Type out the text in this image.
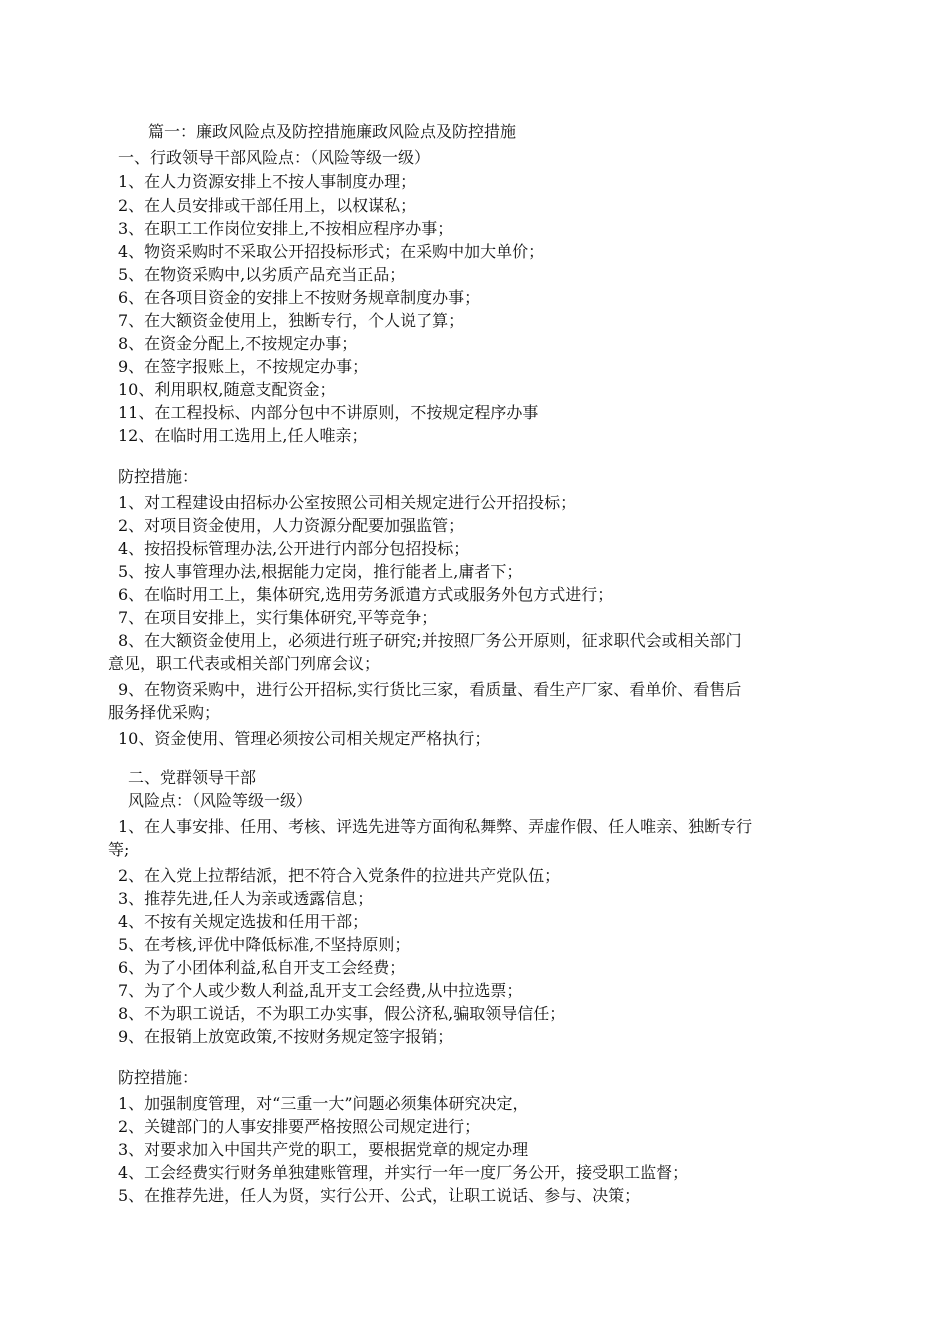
篇一：廉政风险点及防控措施廉政风险点及防控措施
一、行政领导干部风险点：（风险等级一级）
1、在人力资源安排上不按人事制度办理；
2、在人员安排或干部任用上，以权谋私；
3、在职工工作岗位安排上,不按相应程序办事；
4、物资采购时不采取公开招投标形式；在采购中加大单价；
5、在物资采购中,以劣质产品充当正品；
6、在各项目资金的安排上不按财务规章制度办事；
7、在大额资金使用上，独断专行，个人说了算；
8、在资金分配上,不按规定办事；
9、在签字报账上，不按规定办事；
10、利用职权,随意支配资金；
11、在工程投标、内部分包中不讲原则，不按规定程序办事
12、在临时用工选用上,任人唯亲；
防控措施：
1、对工程建设由招标办公室按照公司相关规定进行公开招投标；
2、对项目资金使用，人力资源分配要加强监管；
4、按招投标管理办法,公开进行内部分包招投标；
5、按人事管理办法,根据能力定岗，推行能者上,庸者下；
6、在临时用工上，集体研究,选用劳务派遣方式或服务外包方式进行；
7、在项目安排上，实行集体研究,平等竞争；
8、在大额资金使用上，必须进行班子研究;并按照厂务公开原则，征求职代会或相关部门
意见，职工代表或相关部门列席会议；
9、在物资采购中，进行公开招标,实行货比三家，看质量、看生产厂家、看单价、看售后
服务择优采购；
10、资金使用、管理必须按公司相关规定严格执行；
二、党群领导干部
风险点：（风险等级一级）
1、在人事安排、任用、考核、评选先进等方面徇私舞弊、弄虚作假、任人唯亲、独断专行
等;
2、在入党上拉帮结派，把不符合入党条件的拉进共产党队伍；
3、推荐先进,任人为亲或透露信息；
4、不按有关规定选拔和任用干部；
5、在考核,评优中降低标准,不坚持原则；
6、为了小团体利益,私自开支工会经费；
7、为了个人或少数人利益,乱开支工会经费,从中拉选票；
8、不为职工说话，不为职工办实事，假公济私,骗取领导信任；
9、在报销上放宽政策,不按财务规定签字报销；
防控措施：
1、加强制度管理，对“三重一大”问题必须集体研究决定，
2、关键部门的人事安排要严格按照公司规定进行；
3、对要求加入中国共产党的职工，要根据党章的规定办理
4、工会经费实行财务单独建账管理，并实行一年一度厂务公开，接受职工监督；
5、在推荐先进，任人为贤，实行公开、公式，让职工说话、参与、决策；
